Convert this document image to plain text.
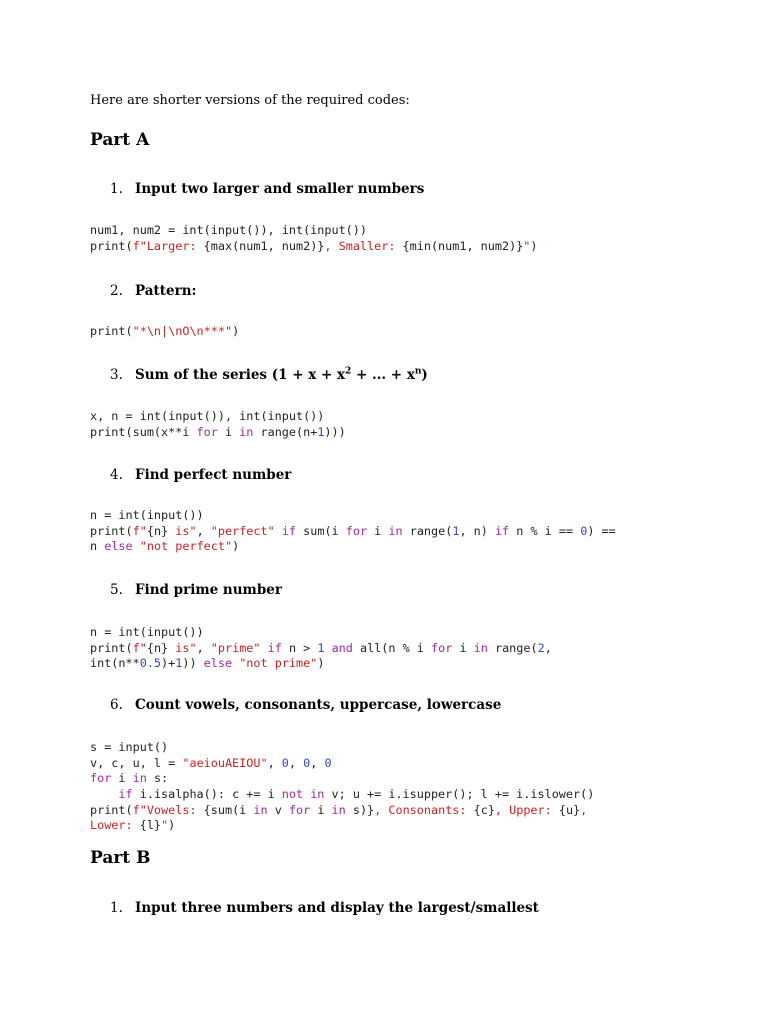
Here are shorter versions of the required codes:
Part A
1. Input two larger and smaller numbers
num1, num2 = int(input()), int(input())
print(f"Larger: {max(num1, num2)}, Smaller: {min(num1, num2)}")
2. Pattern:
print("*\n|\nO\n***")
3. Sum of the series ($1 + x + x^2$ + ... + $x^n$)
x, n = int(input()), int(input())
print(sum(x**i for i in range(n+1)))
4. Find perfect number
n = int(input())
print(f"{n} is", "perfect" if sum(i for i in range(1, n) if n % i == 0) ==
n else "not perfect")
5. Find prime number
n = int(input())
print(f"{n} is", "prime" if n > 1 and all(n % i for i in range(2,
int(n**0.5)+1)) else "not prime")
6. Count vowels, consonants, uppercase, lowercase
s = input()
v, c, u, l = "aeiouAEIOU", 0, 0, 0
for i in s:
if i.isalpha(): c += i not in v; u += i.isupper(); l += i.islower()
print(f"Vowels: {sum(i in v for i in s)}, Consonants: {c}, Upper: {u},
Lower: {l}")
Part B
1. Input three numbers and display the largest/smallest
